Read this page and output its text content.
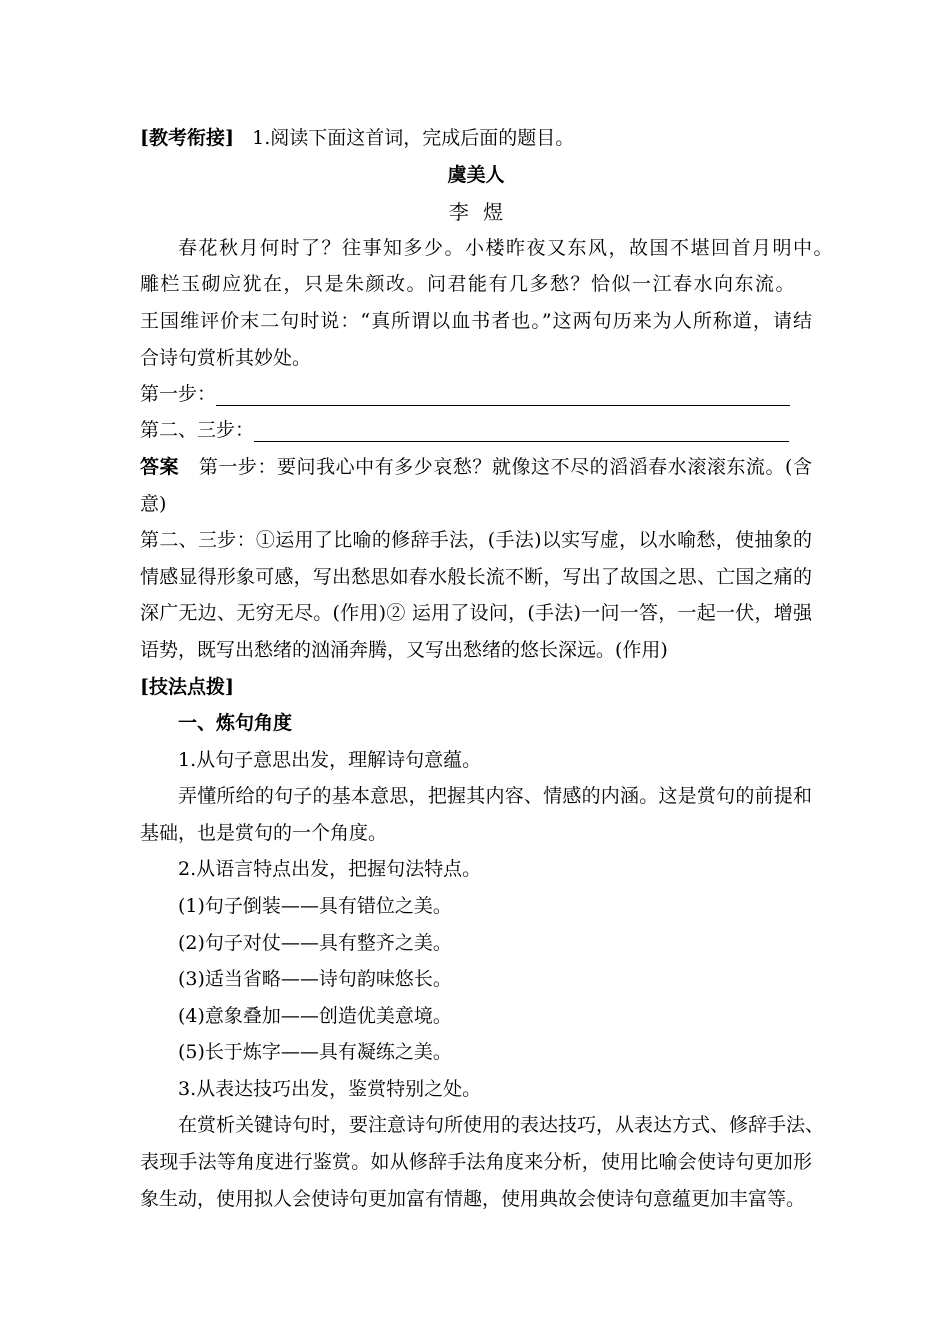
[教考衔接] 1.阅读下面这首词，完成后面的题目。
虞美人
李 煜
春花秋月何时了？往事知多少。小楼昨夜又东风，故国不堪回首月明中。
雕栏玉砌应犹在，只是朱颜改。问君能有几多愁？恰似一江春水向东流。
王国维评价末二句时说：“真所谓以血书者也。”这两句历来为人所称道，请结
合诗句赏析其妙处。
第一步：
第二、三步：
答案 第一步：要问我心中有多少哀愁？就像这不尽的滔滔春水滚滚东流。(含
意)
第二、三步：①运用了比喻的修辞手法，(手法)以实写虚，以水喻愁，使抽象的
情感显得形象可感，写出愁思如春水般长流不断，写出了故国之思、亡国之痛的
深广无边、无穷无尽。(作用)② 运用了设问，(手法)一问一答，一起一伏，增强
语势，既写出愁绪的汹涌奔腾，又写出愁绪的悠长深远。(作用)
[技法点拨]
一、炼句角度
1.从句子意思出发，理解诗句意蕴。
弄懂所给的句子的基本意思，把握其内容、情感的内涵。这是赏句的前提和
基础，也是赏句的一个角度。
2.从语言特点出发，把握句法特点。
(1)句子倒装——具有错位之美。
(2)句子对仗——具有整齐之美。
(3)适当省略——诗句韵味悠长。
(4)意象叠加——创造优美意境。
(5)长于炼字——具有凝练之美。
3.从表达技巧出发，鉴赏特别之处。
在赏析关键诗句时，要注意诗句所使用的表达技巧，从表达方式、修辞手法、
表现手法等角度进行鉴赏。如从修辞手法角度来分析，使用比喻会使诗句更加形
象生动，使用拟人会使诗句更加富有情趣，使用典故会使诗句意蕴更加丰富等。
